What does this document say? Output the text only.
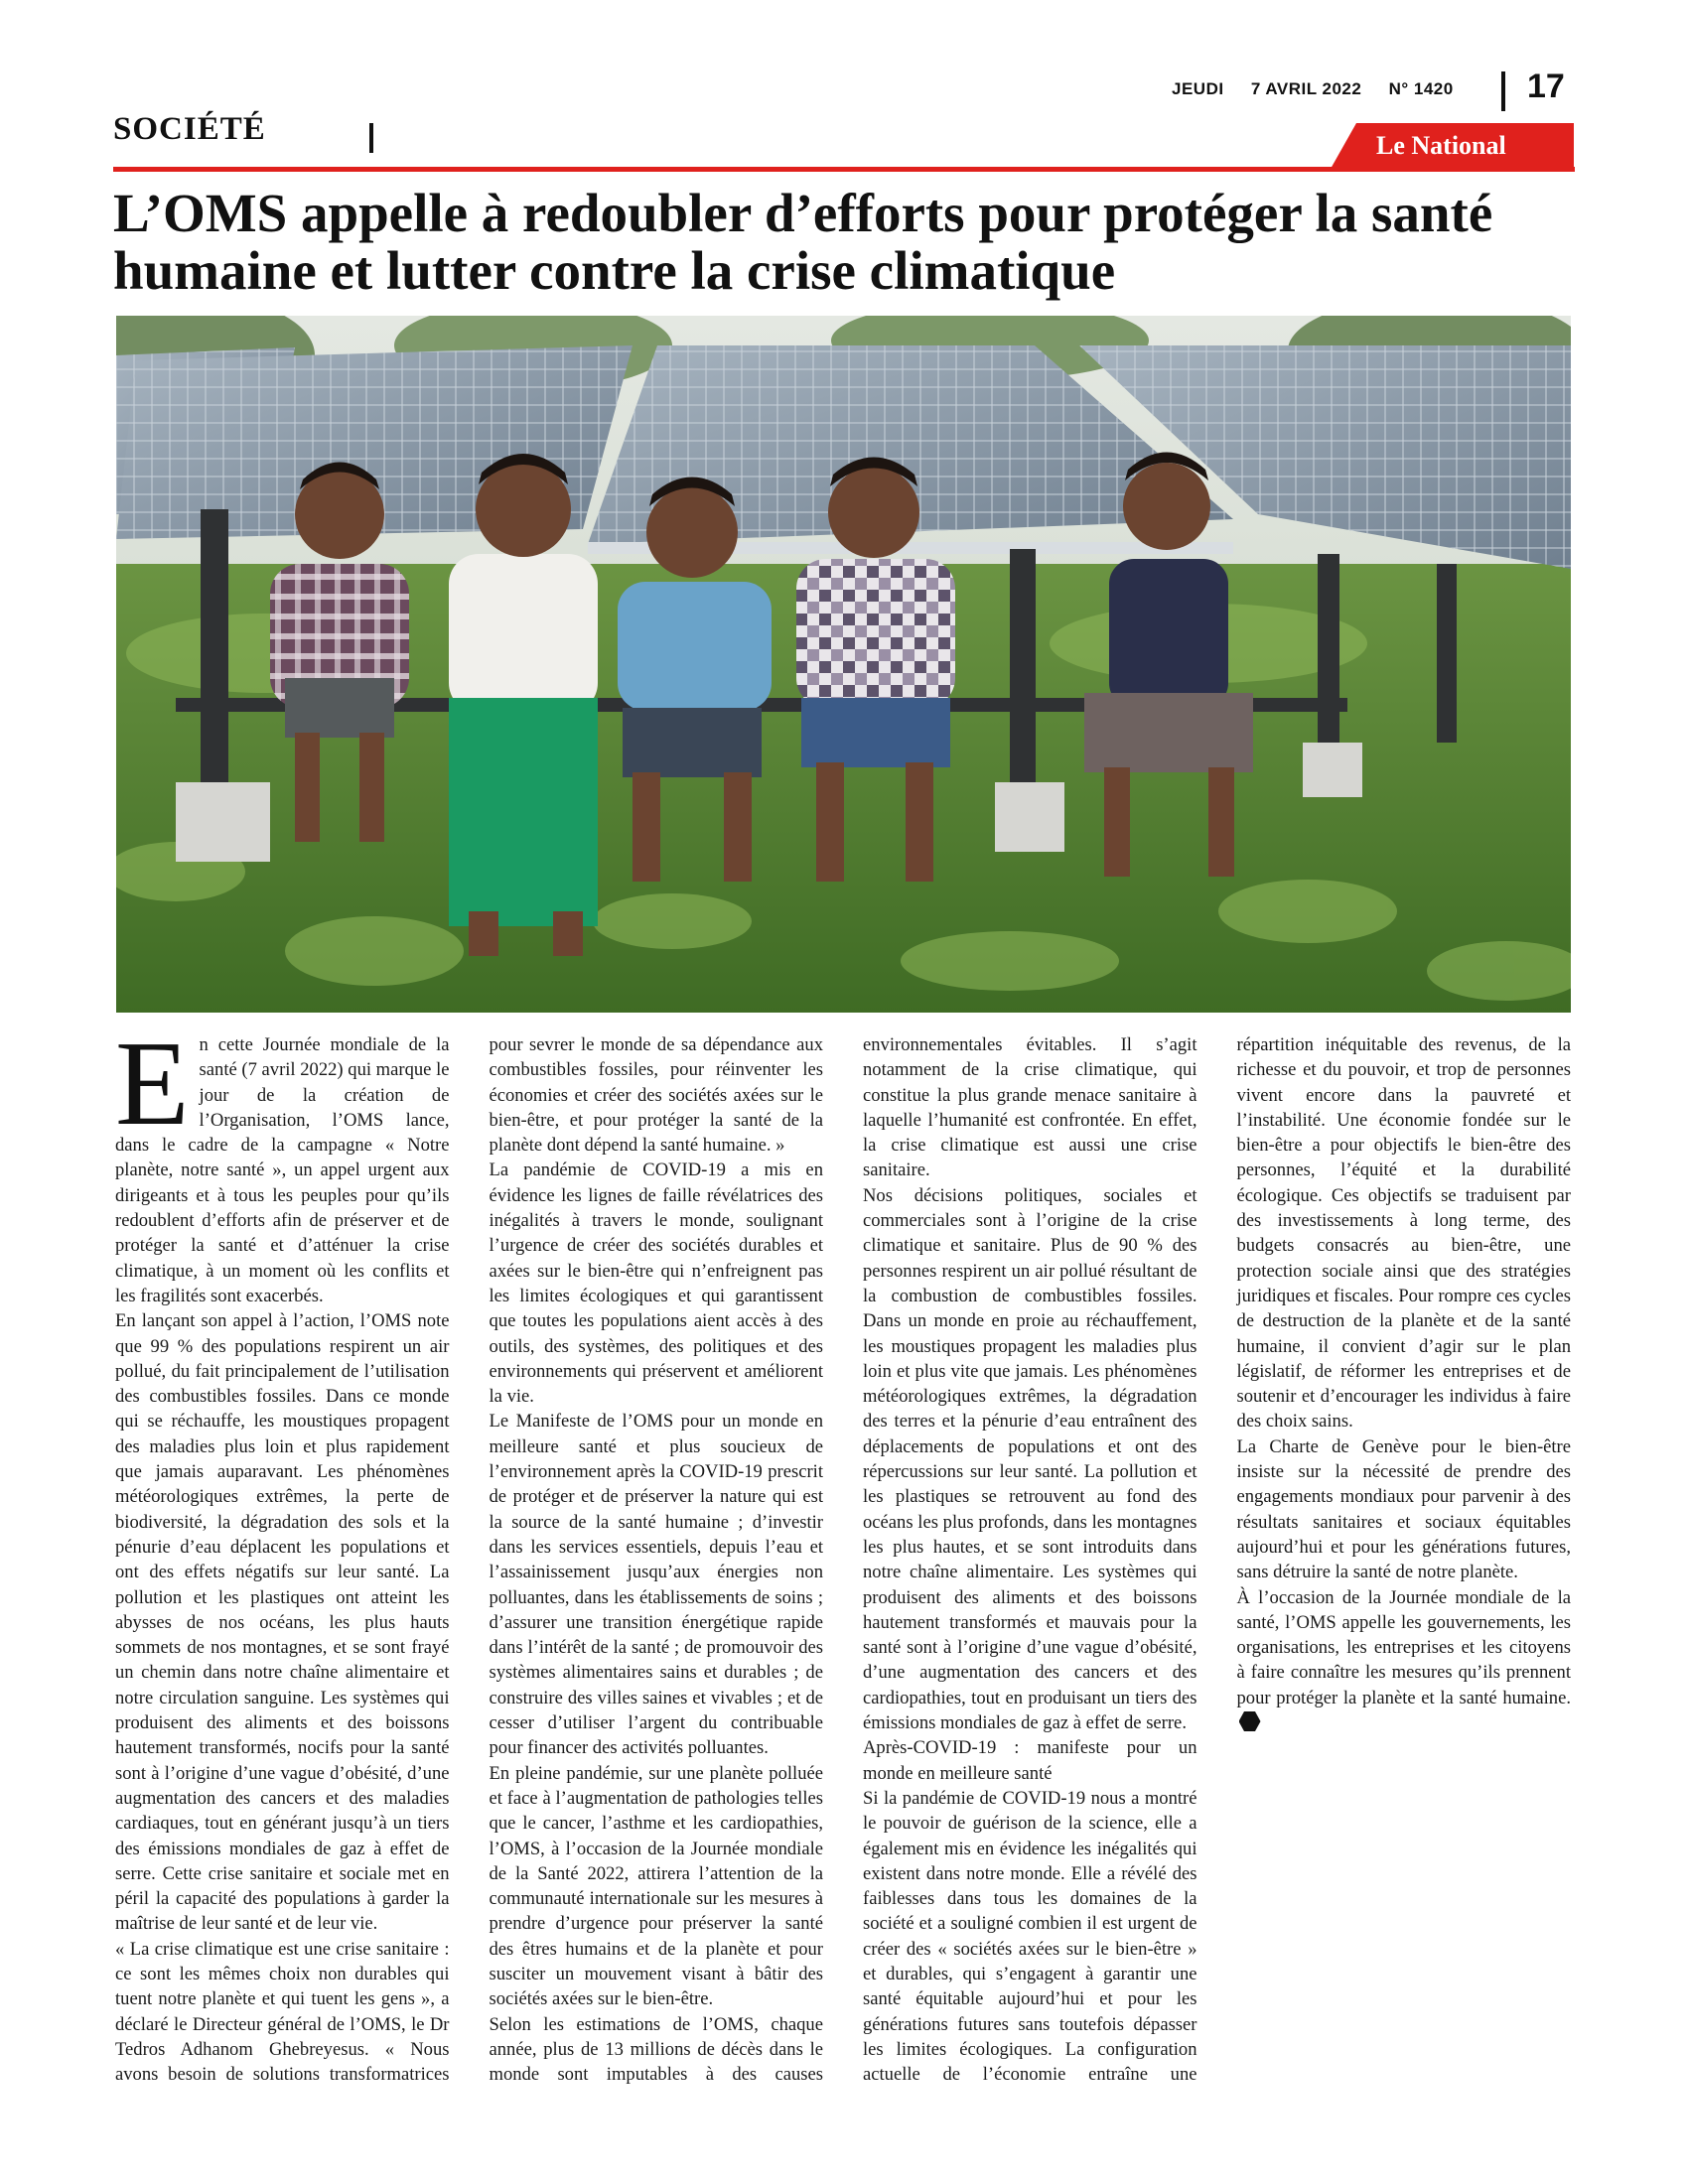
JEUDI 7 AVRIL 2022 N° 1420	17
SOCIÉTÉ	Le National
L’OMS appelle à redoubler d’efforts pour protéger la santé humaine et lutter contre la crise climatique

En cette Journée mondiale de la santé (7 avril 2022) qui marque le jour de la création de l’Organisation, l’OMS lance, dans le cadre de la campagne « Notre planète, notre santé », un appel urgent aux dirigeants et à tous les peuples pour qu’ils redoublent d’efforts afin de préserver et de protéger la santé et d’atténuer la crise climatique, à un moment où les conflits et les fragilités sont exacerbés.

En lançant son appel à l’action, l’OMS note que 99 % des populations respirent un air pollué, du fait principalement de l’utilisation des combustibles fossiles. Dans ce monde qui se réchauffe, les moustiques propagent des maladies plus loin et plus rapidement que jamais auparavant. Les phénomènes météorologiques extrêmes, la perte de biodiversité, la dégradation des sols et la pénurie d’eau déplacent les populations et ont des effets négatifs sur leur santé. La pollution et les plastiques ont atteint les abysses de nos océans, les plus hauts sommets de nos montagnes, et se sont frayé un chemin dans notre chaîne alimentaire et notre circulation sanguine. Les systèmes qui produisent des aliments et des boissons hautement transformés, nocifs pour la santé sont à l’origine d’une vague d’obésité, d’une augmentation des cancers et des maladies cardiaques, tout en générant jusqu’à un tiers des émissions mondiales de gaz à effet de serre. Cette crise sanitaire et sociale met en péril la capacité des populations à garder la maîtrise de leur santé et de leur vie.

« La crise climatique est une crise sanitaire : ce sont les mêmes choix non durables qui tuent notre planète et qui tuent les gens », a déclaré le Directeur général de l’OMS, le Dr Tedros Adhanom Ghebreyesus. « Nous avons besoin de solutions transformatrices pour sevrer le monde de sa dépendance aux combustibles fossiles, pour réinventer les économies et créer des sociétés axées sur le bien-être, et pour protéger la santé de la planète dont dépend la santé humaine. »

La pandémie de COVID-19 a mis en évidence les lignes de faille révélatrices des inégalités à travers le monde, soulignant l’urgence de créer des sociétés durables et axées sur le bien-être qui n’enfreignent pas les limites écologiques et qui garantissent que toutes les populations aient accès à des outils, des systèmes, des politiques et des environnements qui préservent et améliorent la vie.

Le Manifeste de l’OMS pour un monde en meilleure santé et plus soucieux de l’environnement après la COVID-19 prescrit de protéger et de préserver la nature qui est la source de la santé humaine ; d’investir dans les services essentiels, depuis l’eau et l’assainissement jusqu’aux énergies non polluantes, dans les établissements de soins ; d’assurer une transition énergétique rapide dans l’intérêt de la santé ; de promouvoir des systèmes alimentaires sains et durables ; de construire des villes saines et vivables ; et de cesser d’utiliser l’argent du contribuable pour financer des activités polluantes.

En pleine pandémie, sur une planète polluée et face à l’augmentation de pathologies telles que le cancer, l’asthme et les cardiopathies, l’OMS, à l’occasion de la Journée mondiale de la Santé 2022, attirera l’attention de la communauté internationale sur les mesures à prendre d’urgence pour préserver la santé des êtres humains et de la planète et pour susciter un mouvement visant à bâtir des sociétés axées sur le bien-être.

Selon les estimations de l’OMS, chaque année, plus de 13 millions de décès dans le monde sont imputables à des causes environnementales évitables. Il s’agit notamment de la crise climatique, qui constitue la plus grande menace sanitaire à laquelle l’humanité est confrontée. En effet, la crise climatique est aussi une crise sanitaire.

Nos décisions politiques, sociales et commerciales sont à l’origine de la crise climatique et sanitaire. Plus de 90 % des personnes respirent un air pollué résultant de la combustion de combustibles fossiles. Dans un monde en proie au réchauffement, les moustiques propagent les maladies plus loin et plus vite que jamais. Les phénomènes météorologiques extrêmes, la dégradation des terres et la pénurie d’eau entraînent des déplacements de populations et ont des répercussions sur leur santé. La pollution et les plastiques se retrouvent au fond des océans les plus profonds, dans les montagnes les plus hautes, et se sont introduits dans notre chaîne alimentaire. Les systèmes qui produisent des aliments et des boissons hautement transformés et mauvais pour la santé sont à l’origine d’une vague d’obésité, d’une augmentation des cancers et des cardiopathies, tout en produisant un tiers des émissions mondiales de gaz à effet de serre.

Après-COVID-19 : manifeste pour un monde en meilleure santé

Si la pandémie de COVID-19 nous a montré le pouvoir de guérison de la science, elle a également mis en évidence les inégalités qui existent dans notre monde. Elle a révélé des faiblesses dans tous les domaines de la société et a souligné combien il est urgent de créer des « sociétés axées sur le bien-être » et durables, qui s’engagent à garantir une santé équitable aujourd’hui et pour les générations futures sans toutefois dépasser les limites écologiques. La configuration actuelle de l’économie entraîne une répartition inéquitable des revenus, de la richesse et du pouvoir, et trop de personnes vivent encore dans la pauvreté et l’instabilité. Une économie fondée sur le bien-être a pour objectifs le bien-être des personnes, l’équité et la durabilité écologique. Ces objectifs se traduisent par des investissements à long terme, des budgets consacrés au bien-être, une protection sociale ainsi que des stratégies juridiques et fiscales. Pour rompre ces cycles de destruction de la planète et de la santé humaine, il convient d’agir sur le plan législatif, de réformer les entreprises et de soutenir et d’encourager les individus à faire des choix sains.

La Charte de Genève pour le bien-être insiste sur la nécessité de prendre des engagements mondiaux pour parvenir à des résultats sanitaires et sociaux équitables aujourd’hui et pour les générations futures, sans détruire la santé de notre planète.

À l’occasion de la Journée mondiale de la santé, l’OMS appelle les gouvernements, les organisations, les entreprises et les citoyens à faire connaître les mesures qu’ils prennent pour protéger la planète et la santé humaine.
